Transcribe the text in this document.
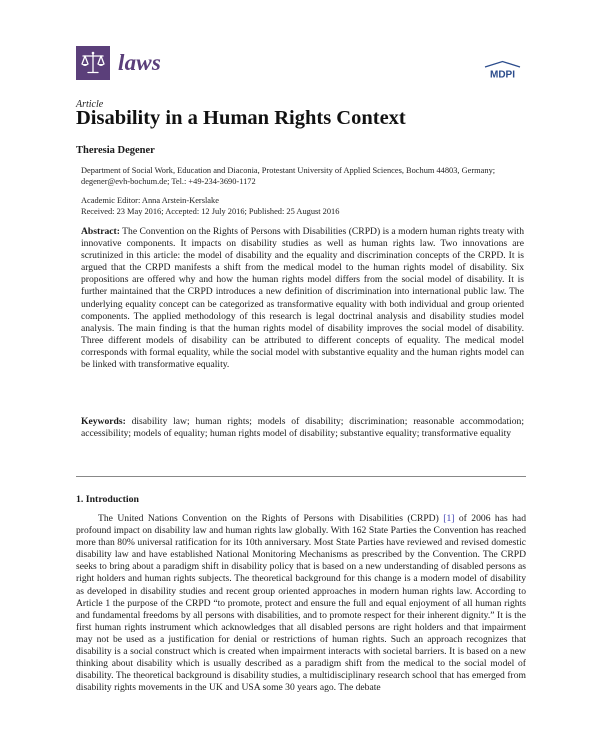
laws	MDPI
Article
Disability in a Human Rights Context
Theresia Degener
Department of Social Work, Education and Diaconia, Protestant University of Applied Sciences, Bochum 44803, Germany; degener@evh-bochum.de; Tel.: +49-234-3690-1172
Academic Editor: Anna Arstein-Kerslake
Received: 23 May 2016; Accepted: 12 July 2016; Published: 25 August 2016
Abstract: The Convention on the Rights of Persons with Disabilities (CRPD) is a modern human rights treaty with innovative components. It impacts on disability studies as well as human rights law. Two innovations are scrutinized in this article: the model of disability and the equality and discrimination concepts of the CRPD. It is argued that the CRPD manifests a shift from the medical model to the human rights model of disability. Six propositions are offered why and how the human rights model differs from the social model of disability. It is further maintained that the CRPD introduces a new definition of discrimination into international public law. The underlying equality concept can be categorized as transformative equality with both individual and group oriented components. The applied methodology of this research is legal doctrinal analysis and disability studies model analysis. The main finding is that the human rights model of disability improves the social model of disability. Three different models of disability can be attributed to different concepts of equality. The medical model corresponds with formal equality, while the social model with substantive equality and the human rights model can be linked with transformative equality.
Keywords: disability law; human rights; models of disability; discrimination; reasonable accommodation; accessibility; models of equality; human rights model of disability; substantive equality; transformative equality
1. Introduction
The United Nations Convention on the Rights of Persons with Disabilities (CRPD) [1] of 2006 has had profound impact on disability law and human rights law globally. With 162 State Parties the Convention has reached more than 80% universal ratification for its 10th anniversary. Most State Parties have reviewed and revised domestic disability law and have established National Monitoring Mechanisms as prescribed by the Convention. The CRPD seeks to bring about a paradigm shift in disability policy that is based on a new understanding of disabled persons as right holders and human rights subjects. The theoretical background for this change is a modern model of disability as developed in disability studies and recent group oriented approaches in modern human rights law. According to Article 1 the purpose of the CRPD “to promote, protect and ensure the full and equal enjoyment of all human rights and fundamental freedoms by all persons with disabilities, and to promote respect for their inherent dignity.” It is the first human rights instrument which acknowledges that all disabled persons are right holders and that impairment may not be used as a justification for denial or restrictions of human rights. Such an approach recognizes that disability is a social construct which is created when impairment interacts with societal barriers. It is based on a new thinking about disability which is usually described as a paradigm shift from the medical to the social model of disability. The theoretical background is disability studies, a multidisciplinary research school that has emerged from disability rights movements in the UK and USA some 30 years ago. The debate
